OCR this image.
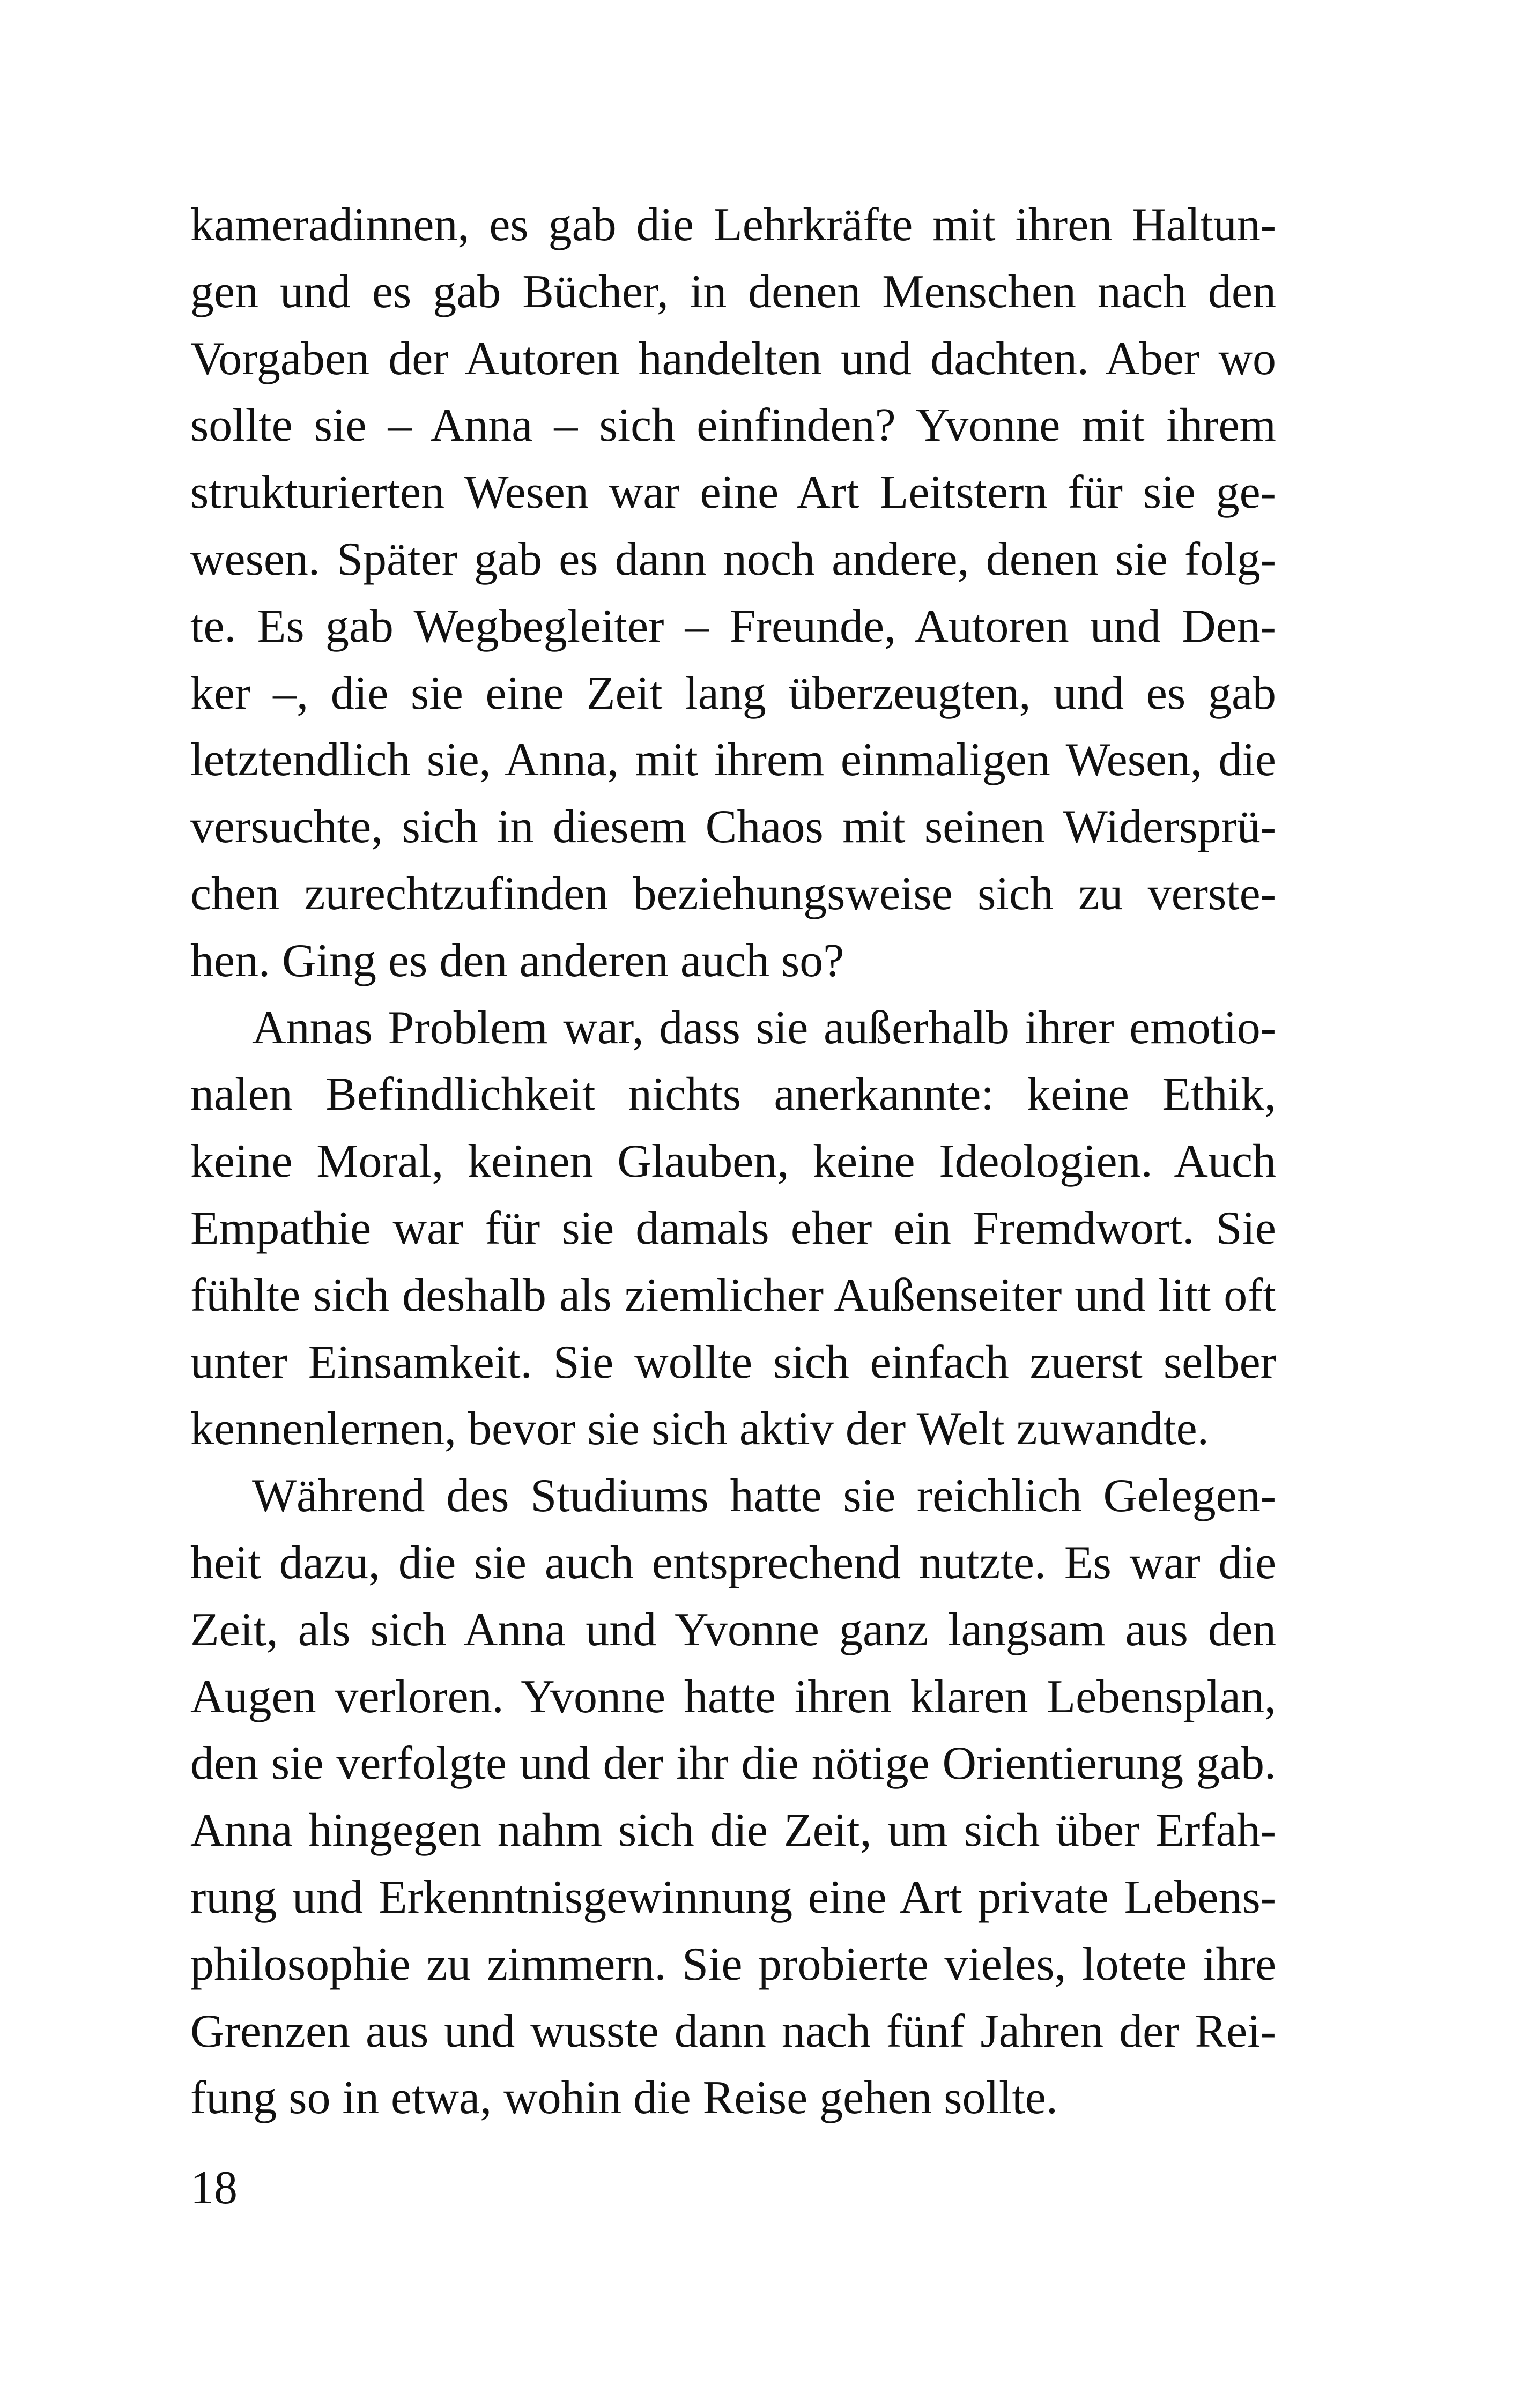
kameradinnen, es gab die Lehrkräfte mit ihren Haltun-
gen und es gab Bücher, in denen Menschen nach den
Vorgaben der Autoren handelten und dachten. Aber wo
sollte sie – Anna – sich einfinden? Yvonne mit ihrem
strukturierten Wesen war eine Art Leitstern für sie ge-
wesen. Später gab es dann noch andere, denen sie folg-
te. Es gab Wegbegleiter – Freunde, Autoren und Den-
ker –, die sie eine Zeit lang überzeugten, und es gab
letztendlich sie, Anna, mit ihrem einmaligen Wesen, die
versuchte, sich in diesem Chaos mit seinen Widersprü-
chen zurechtzufinden beziehungsweise sich zu verste-
hen. Ging es den anderen auch so?
Annas Problem war, dass sie außerhalb ihrer emotio-
nalen Befindlichkeit nichts anerkannte: keine Ethik,
keine Moral, keinen Glauben, keine Ideologien. Auch
Empathie war für sie damals eher ein Fremdwort. Sie
fühlte sich deshalb als ziemlicher Außenseiter und litt oft
unter Einsamkeit. Sie wollte sich einfach zuerst selber
kennenlernen, bevor sie sich aktiv der Welt zuwandte.
Während des Studiums hatte sie reichlich Gelegen-
heit dazu, die sie auch entsprechend nutzte. Es war die
Zeit, als sich Anna und Yvonne ganz langsam aus den
Augen verloren. Yvonne hatte ihren klaren Lebensplan,
den sie verfolgte und der ihr die nötige Orientierung gab.
Anna hingegen nahm sich die Zeit, um sich über Erfah-
rung und Erkenntnisgewinnung eine Art private Lebens-
philosophie zu zimmern. Sie probierte vieles, lotete ihre
Grenzen aus und wusste dann nach fünf Jahren der Rei-
fung so in etwa, wohin die Reise gehen sollte.
18
